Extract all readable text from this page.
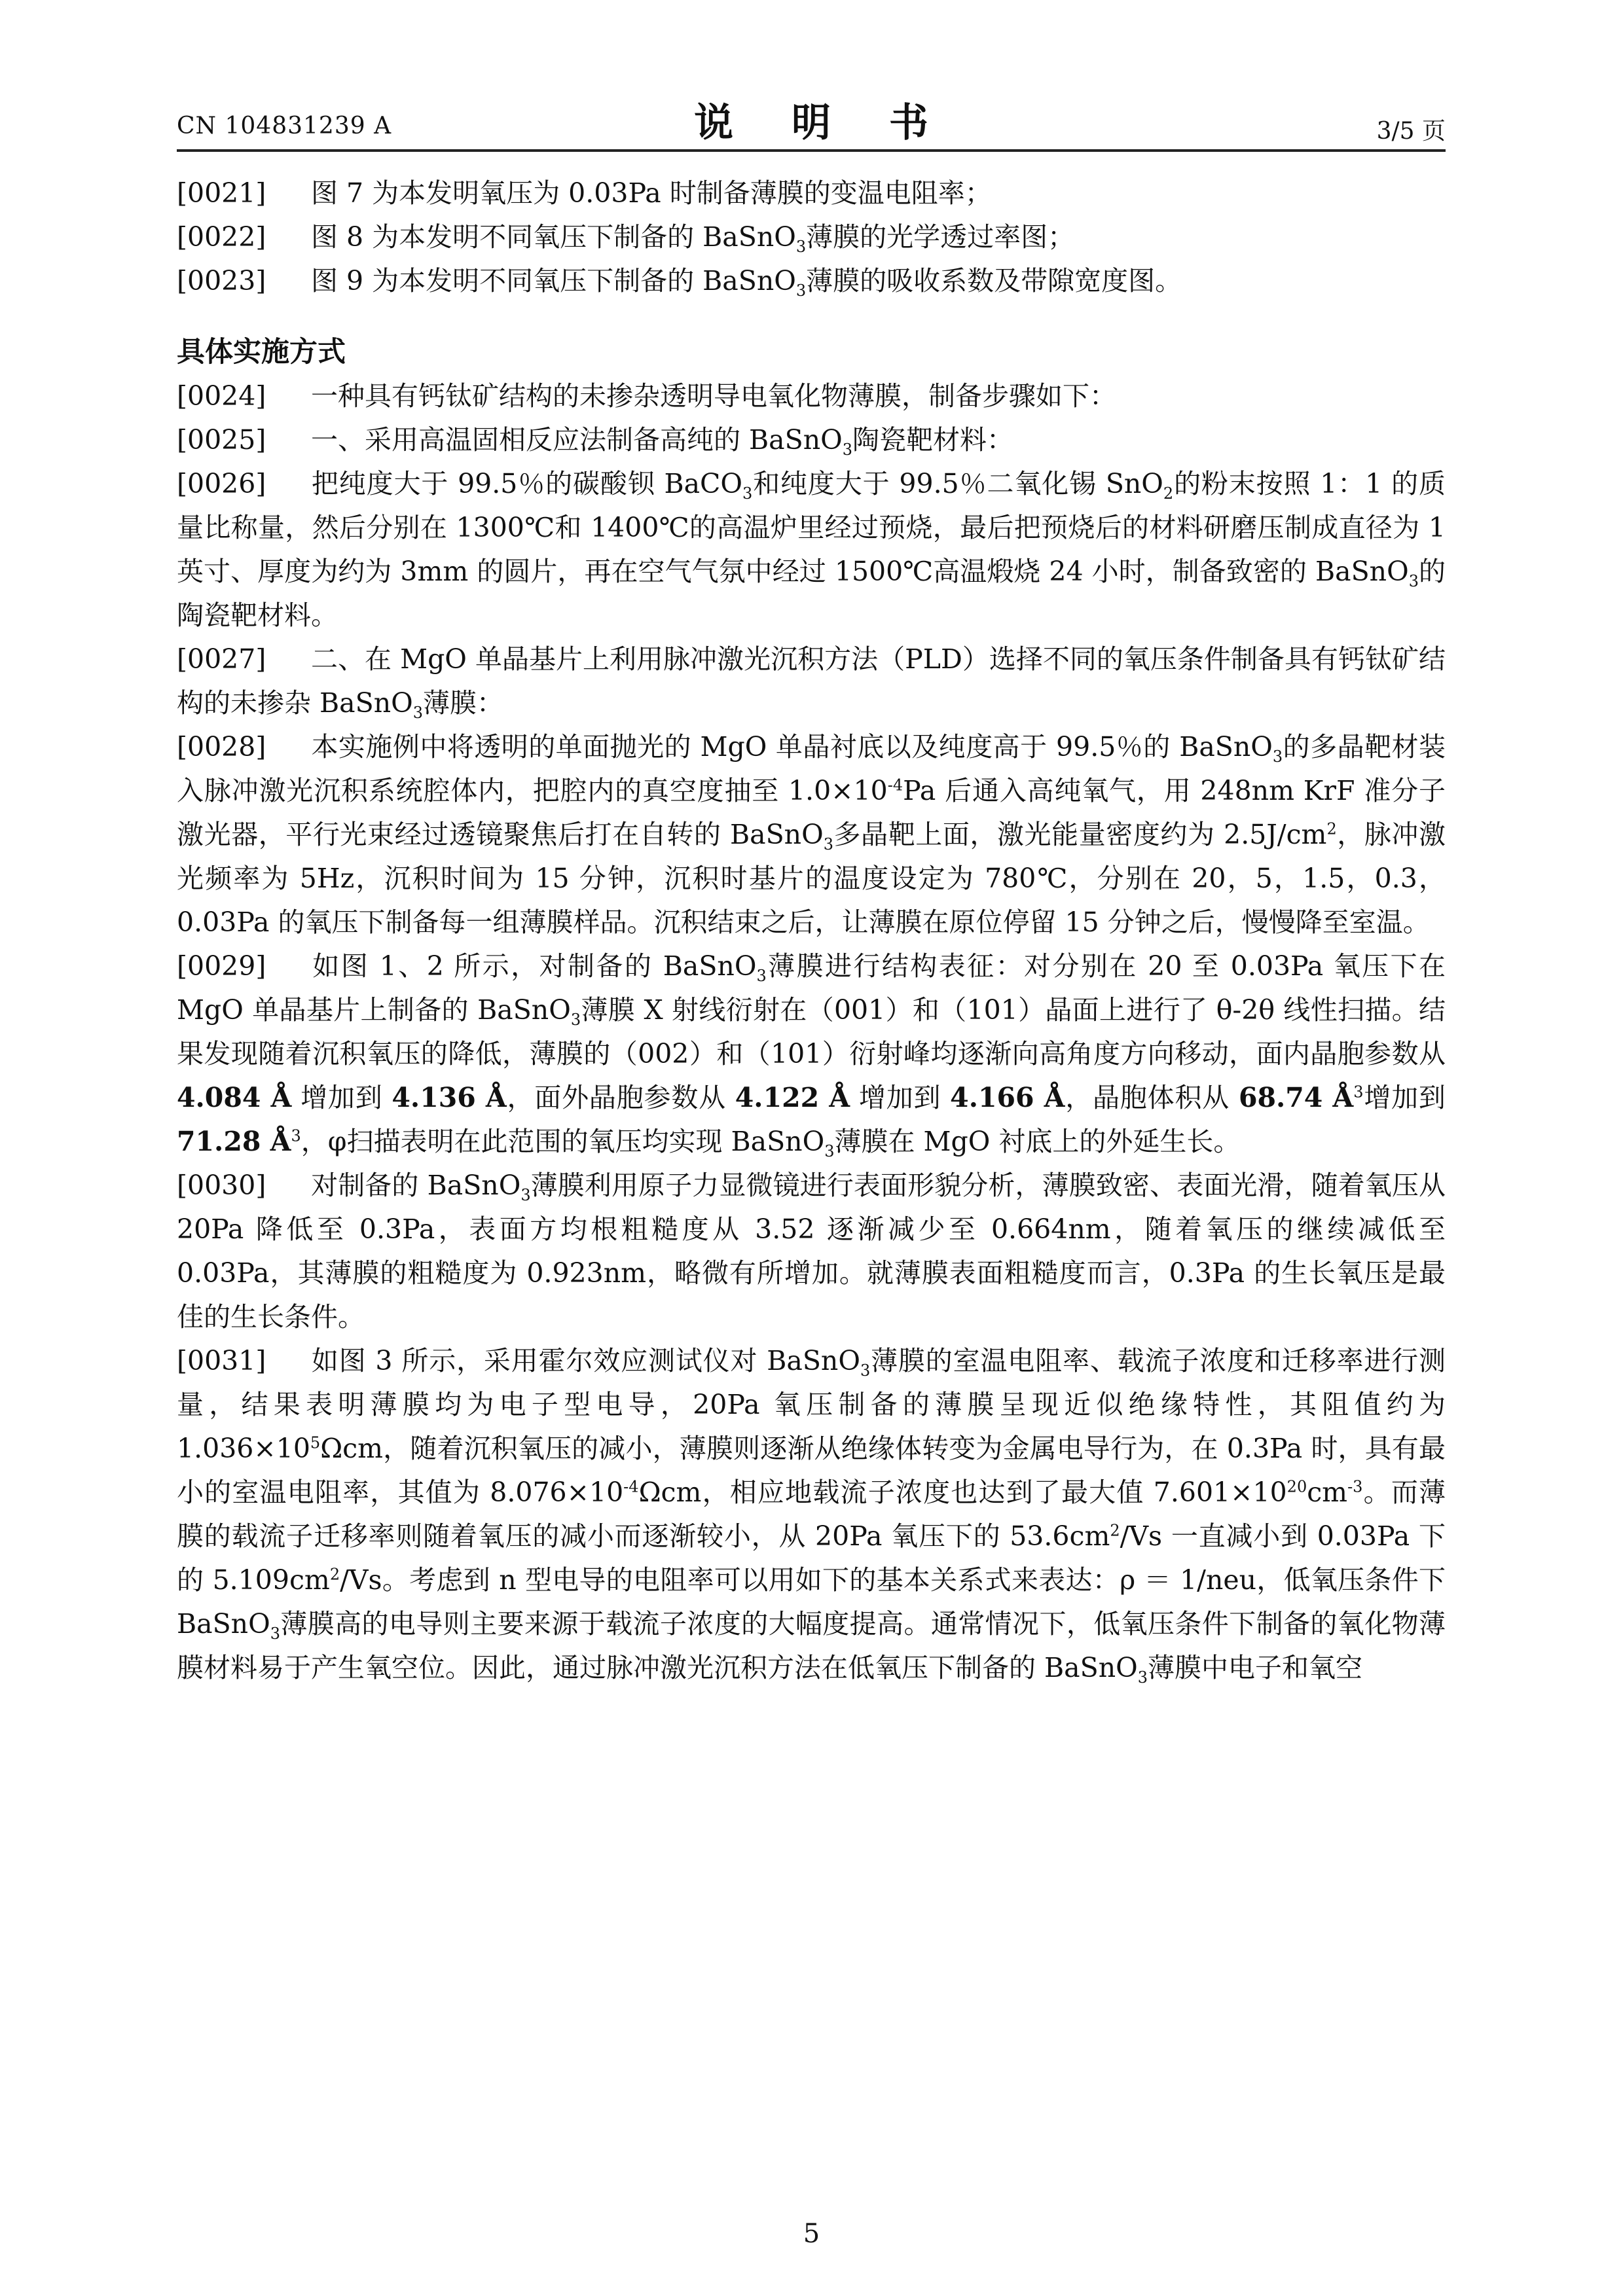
CN 104831239 A	说 明 书	3/5 页

[0021] 图 7 为本发明氧压为 0.03Pa 时制备薄膜的变温电阻率；

[0022] 图 8 为本发明不同氧压下制备的 BaSnO$_3$薄膜的光学透过率图；

[0023] 图 9 为本发明不同氧压下制备的 BaSnO$_3$薄膜的吸收系数及带隙宽度图。

具体实施方式

[0024] 一种具有钙钛矿结构的未掺杂透明导电氧化物薄膜，制备步骤如下：

[0025] 一、采用高温固相反应法制备高纯的 BaSnO$_3$陶瓷靶材料：

[0026] 把纯度大于 99.5％的碳酸钡 BaCO$_3$和纯度大于 99.5％二氧化锡 SnO$_2$的粉末按照 1：1 的质量比称量，然后分别在 1300℃和 1400℃的高温炉里经过预烧，最后把预烧后的材料研磨压制成直径为 1 英寸、厚度为约为 3mm 的圆片，再在空气气氛中经过 1500℃高温煅烧 24 小时，制备致密的 BaSnO$_3$的陶瓷靶材料。

[0027] 二、在 MgO 单晶基片上利用脉冲激光沉积方法（PLD）选择不同的氧压条件制备具有钙钛矿结构的未掺杂 BaSnO$_3$薄膜：

[0028] 本实施例中将透明的单面抛光的 MgO 单晶衬底以及纯度高于 99.5％的 BaSnO$_3$的多晶靶材装入脉冲激光沉积系统腔体内，把腔内的真空度抽至 $1.0\times 10^{-4}Pa$ 后通入高纯氧气，用 248nm KrF 准分子激光器，平行光束经过透镜聚焦后打在自转的 BaSnO$_3$多晶靶上面，激光能量密度约为 $2.5J/cm^2$，脉冲激光频率为 5Hz，沉积时间为 15 分钟，沉积时基片的温度设定为 780℃，分别在 20，5，1.5，0.3，0.03Pa 的氧压下制备每一组薄膜样品。沉积结束之后，让薄膜在原位停留 15 分钟之后，慢慢降至室温。

[0029] 如图 1、2 所示，对制备的 BaSnO$_3$薄膜进行结构表征：对分别在 20 至 0.03Pa 氧压下在 MgO 单晶基片上制备的 BaSnO$_3$薄膜 X 射线衍射在（001）和（101）晶面上进行了 θ-2θ 线性扫描。结果发现随着沉积氧压的降低，薄膜的（002）和（101）衍射峰均逐渐向高角度方向移动，面内晶胞参数从 4.084 Å 增加到 4.136 Å，面外晶胞参数从 4.122 Å 增加到 4.166 Å，晶胞体积从 68.74 $Å^3$增加到 71.28 $Å^3$，φ扫描表明在此范围的氧压均实现 BaSnO$_3$薄膜在 MgO 衬底上的外延生长。

[0030] 对制备的 BaSnO$_3$薄膜利用原子力显微镜进行表面形貌分析，薄膜致密、表面光滑，随着氧压从 20Pa 降低至 0.3Pa，表面方均根粗糙度从 3.52 逐渐减少至 0.664nm，随着氧压的继续减低至 0.03Pa，其薄膜的粗糙度为 0.923nm，略微有所增加。就薄膜表面粗糙度而言，0.3Pa 的生长氧压是最佳的生长条件。

[0031] 如图 3 所示，采用霍尔效应测试仪对 BaSnO$_3$薄膜的室温电阻率、载流子浓度和迁移率进行测量，结果表明薄膜均为电子型电导，20Pa 氧压制备的薄膜呈现近似绝缘特性，其阻值约为 $1.036\times 10^5\Omega cm$，随着沉积氧压的减小，薄膜则逐渐从绝缘体转变为金属电导行为，在 0.3Pa 时，具有最小的室温电阻率，其值为 $8.076\times 10^{-4}\Omega cm$，相应地载流子浓度也达到了最大值 $7.601\times 10^{20}cm^{-3}$。而薄膜的载流子迁移率则随着氧压的减小而逐渐较小，从 20Pa 氧压下的 $53.6cm^2/Vs$ 一直减小到 0.03Pa 下的 $5.109cm^2/Vs$。考虑到 n 型电导的电阻率可以用如下的基本关系式来表达：ρ ＝ 1/neu，低氧压条件下 BaSnO$_3$薄膜高的电导则主要来源于载流子浓度的大幅度提高。通常情况下，低氧压条件下制备的氧化物薄膜材料易于产生氧空位。因此，通过脉冲激光沉积方法在低氧压下制备的 BaSnO$_3$薄膜中电子和氧空

5
